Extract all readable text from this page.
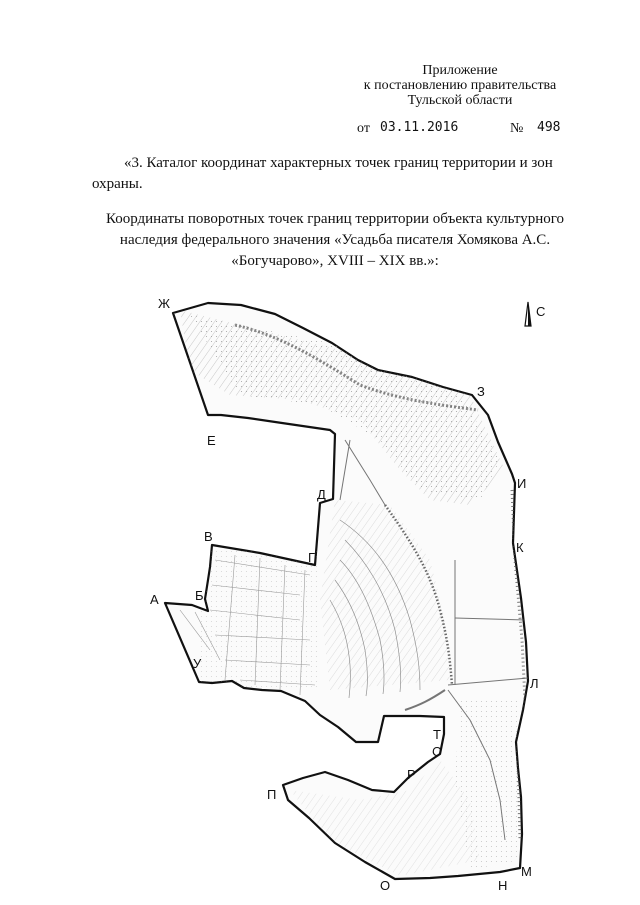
Приложение
к постановлению правительства
Тульской области
от 03.11.2016	№ 498
«3. Каталог координат характерных точек границ территории и зон
охраны.
Координаты поворотных точек границ территории объекта культурного
наследия федерального значения «Усадьба писателя Хомякова А.С.
«Богучарово», XVIII – XIX вв.»:
С
Ж
З
И
К
Л
М
Н
О
П
Р
С
Т
У
А	Б
В
Г
Д
Е
